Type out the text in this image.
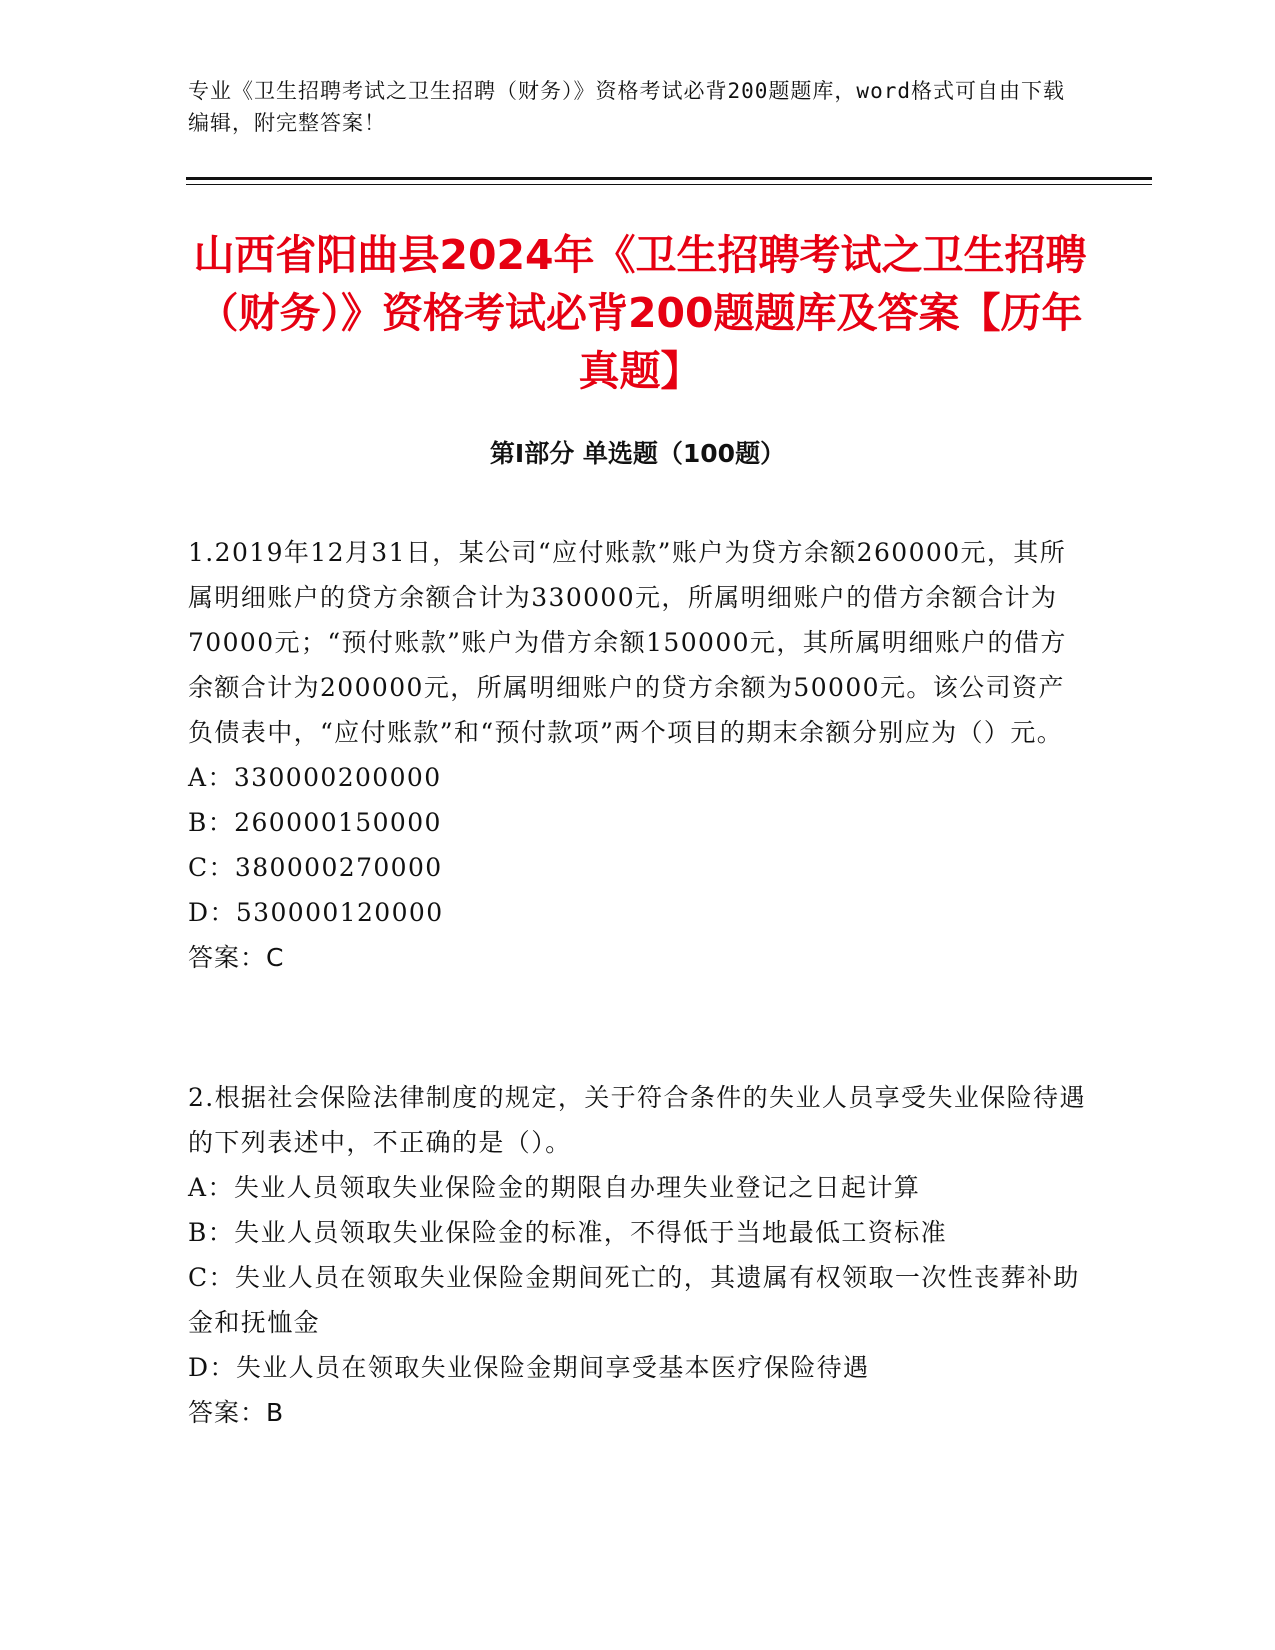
专业《卫生招聘考试之卫生招聘（财务）》资格考试必背200题题库，word格式可自由下载编辑，附完整答案！
山西省阳曲县2024年《卫生招聘考试之卫生招聘（财务）》资格考试必背200题题库及答案【历年真题】
第Ⅰ部分 单选题（100题）

1.2019年12月31日，某公司“应付账款”账户为贷方余额260000元，其所属明细账户的贷方余额合计为330000元，所属明细账户的借方余额合计为70000元；“预付账款”账户为借方余额150000元，其所属明细账户的借方余额合计为200000元，所属明细账户的贷方余额为50000元。该公司资产负债表中，“应付账款”和“预付款项”两个项目的期末余额分别应为（）元。

A：330000200000

B：260000150000

C：380000270000

D：530000120000

答案：C

2.根据社会保险法律制度的规定，关于符合条件的失业人员享受失业保险待遇的下列表述中，不正确的是（）。

A：失业人员领取失业保险金的期限自办理失业登记之日起计算

B：失业人员领取失业保险金的标准，不得低于当地最低工资标准

C：失业人员在领取失业保险金期间死亡的，其遗属有权领取一次性丧葬补助金和抚恤金

D：失业人员在领取失业保险金期间享受基本医疗保险待遇

答案：B
